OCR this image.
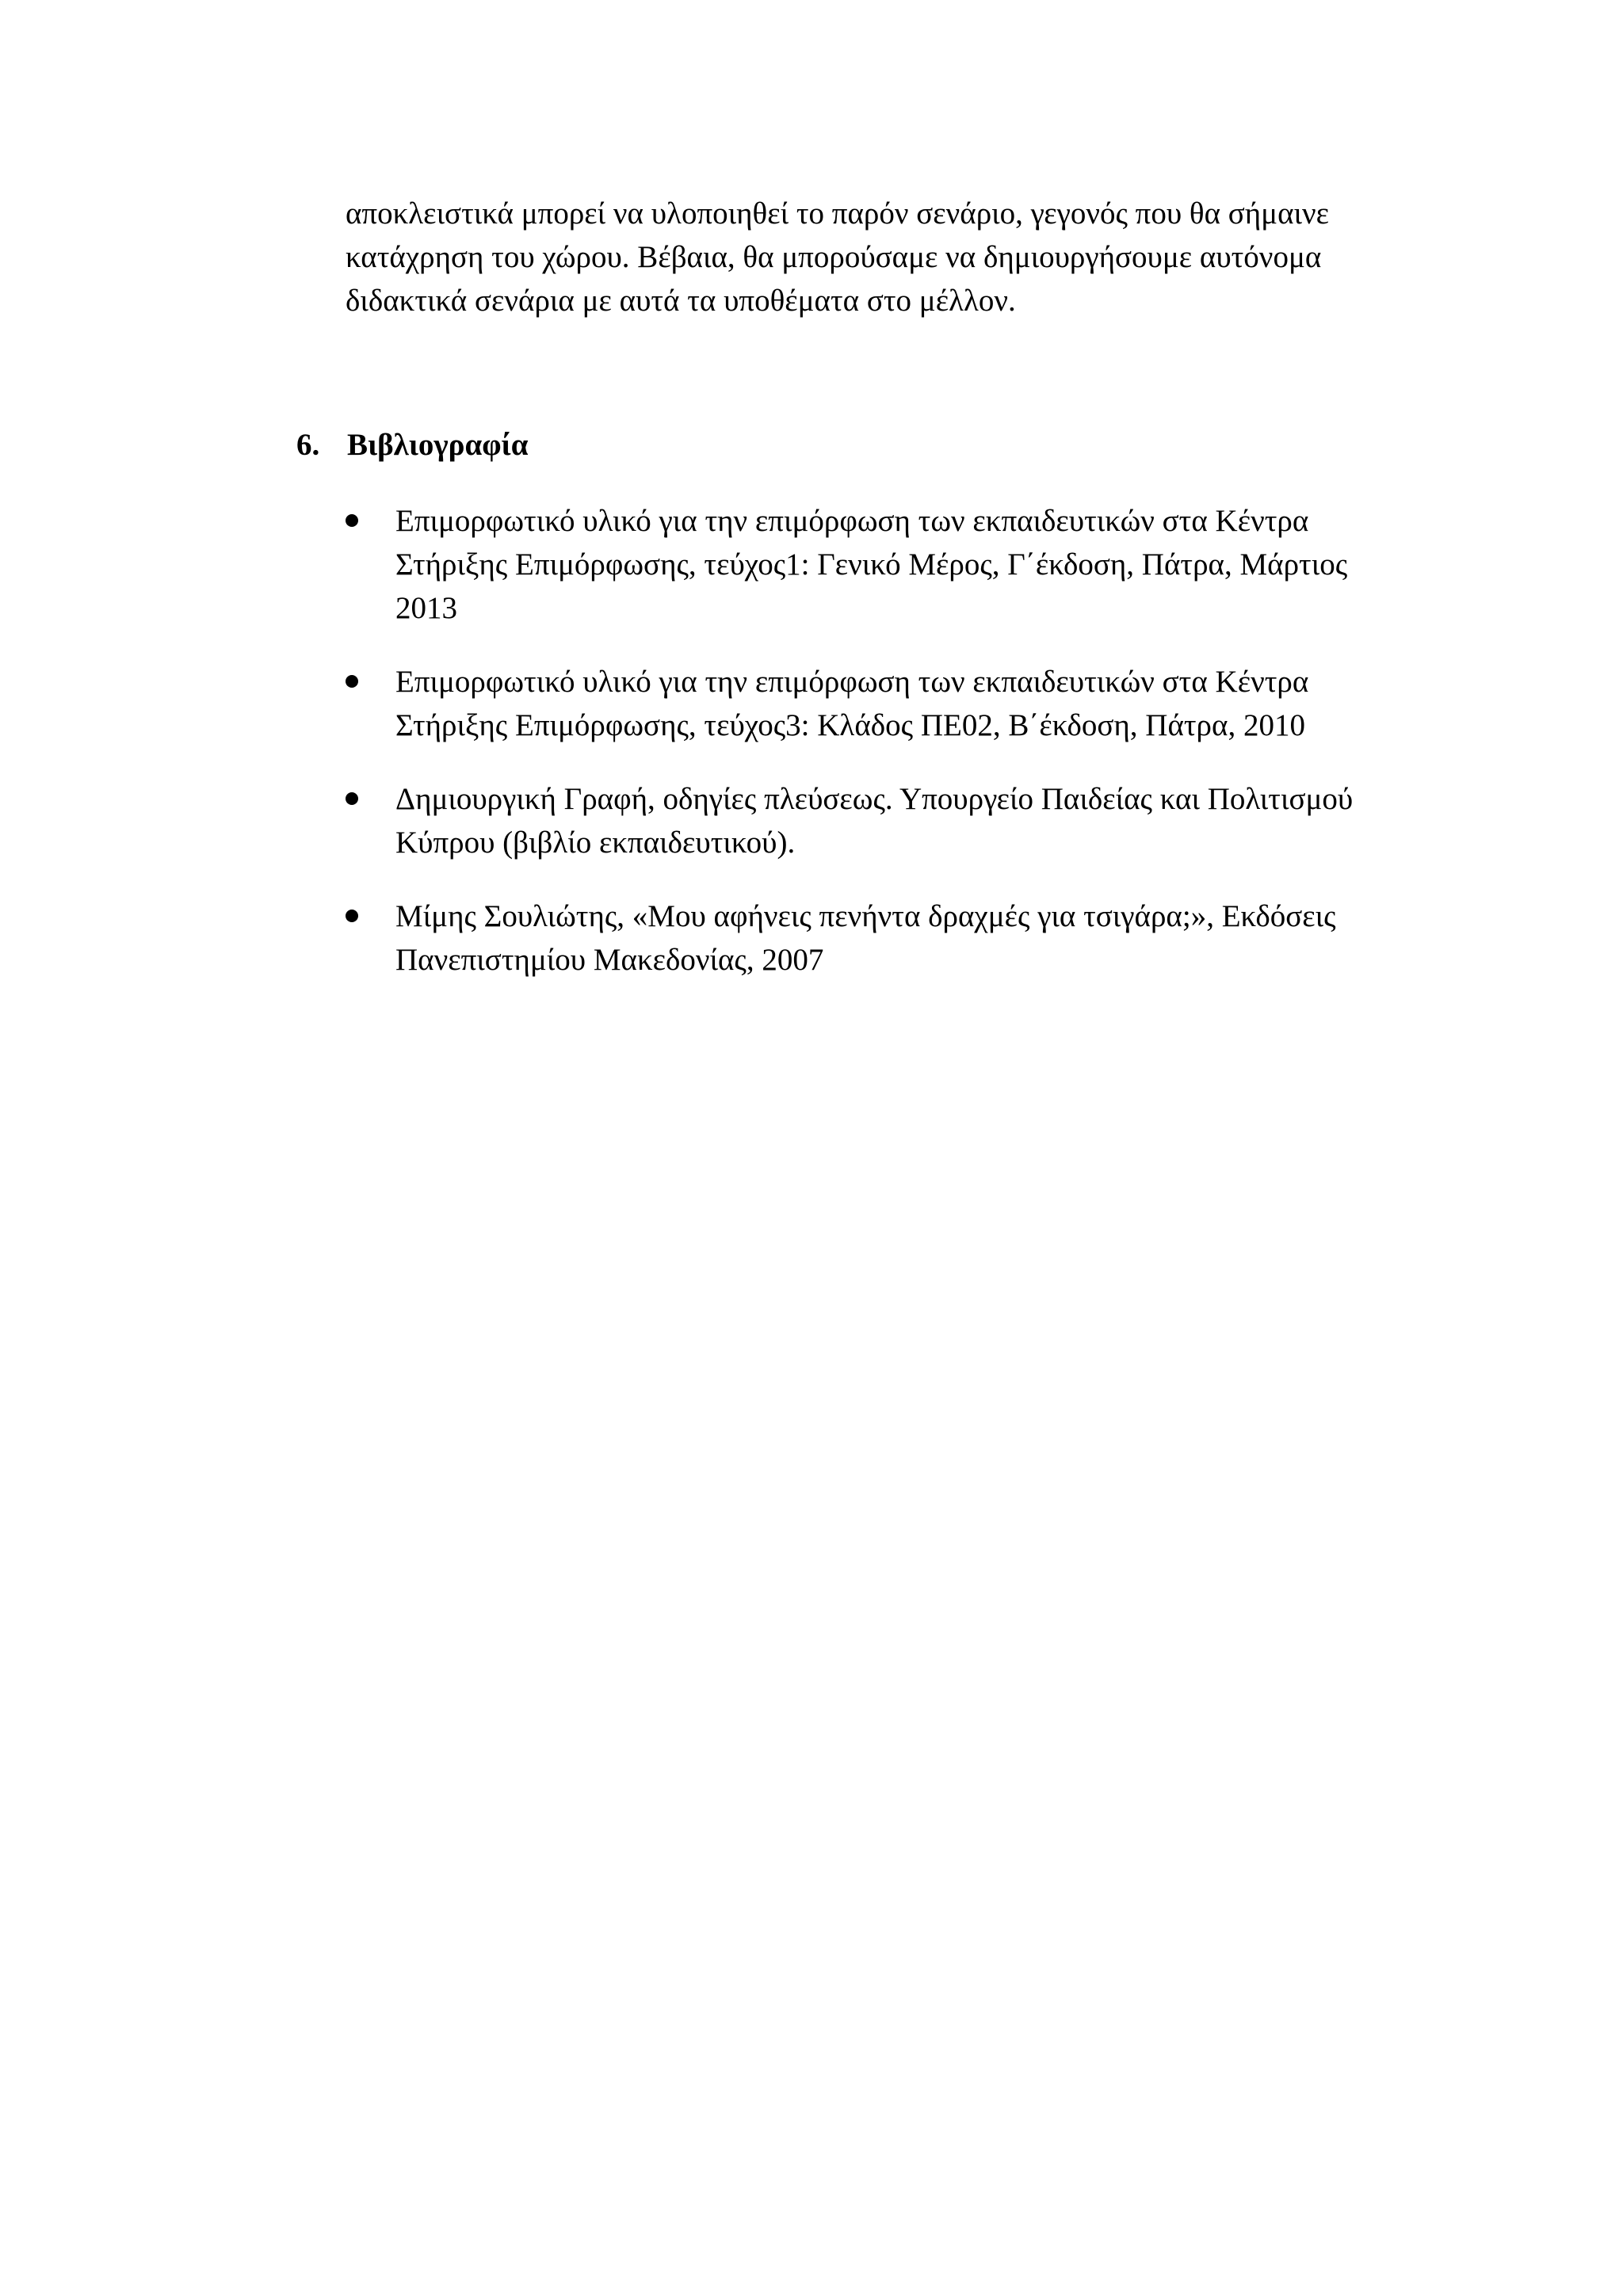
αποκλειστικά μπορεί να υλοποιηθεί το παρόν σενάριο, γεγονός που θα σήμαινε
κατάχρηση του χώρου. Βέβαια, θα μπορούσαμε να δημιουργήσουμε αυτόνομα
διδακτικά σενάρια με αυτά τα υποθέματα στο μέλλον.

6. Βιβλιογραφία
Επιμορφωτικό υλικό για την επιμόρφωση των εκπαιδευτικών στα Κέντρα
Στήριξης Επιμόρφωσης, τεύχος1: Γενικό Μέρος, Γ΄έκδοση, Πάτρα, Μάρτιος
2013
Επιμορφωτικό υλικό για την επιμόρφωση των εκπαιδευτικών στα Κέντρα
Στήριξης Επιμόρφωσης, τεύχος3: Κλάδος ΠΕ02, Β΄έκδοση, Πάτρα, 2010
Δημιουργική Γραφή, οδηγίες πλεύσεως. Υπουργείο Παιδείας και Πολιτισμού
Κύπρου (βιβλίο εκπαιδευτικού).
Μίμης Σουλιώτης, «Μου αφήνεις πενήντα δραχμές για τσιγάρα;», Εκδόσεις
Πανεπιστημίου Μακεδονίας, 2007
